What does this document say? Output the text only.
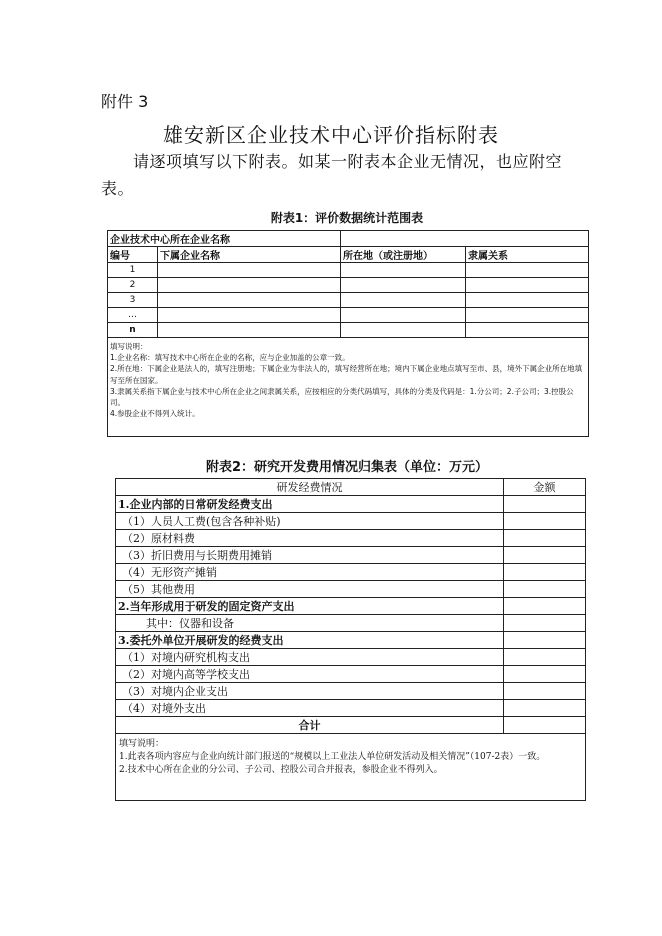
附件 3
雄安新区企业技术中心评价指标附表
请逐项填写以下附表。如某一附表本企业无情况，也应附空表。
附表1：评价数据统计范围表
企业技术中心所在企业名称			
编号	下属企业名称	所在地（或注册地）	隶属关系
1			
2			
3			
…			
n			

填写说明：
1.企业名称：填写技术中心所在企业的名称，应与企业加盖的公章一致。
2.所在地：下属企业是法人的，填写注册地；下属企业为非法人的，填写经营所在地；境内下属企业地点填写至市、县，境外下属企业所在地填写至所在国家。
3.隶属关系指下属企业与技术中心所在企业之间隶属关系，应按相应的分类代码填写，具体的分类及代码是：1.分公司；2.子公司；3.控股公司。
4.参股企业不得列入统计。			
附表2：研究开发费用情况归集表（单位：万元）
研发经费情况	金额
1.企业内部的日常研发经费支出	
（1）人员人工费(包含各种补贴)	
（2）原材料费	
（3）折旧费用与长期费用摊销	
（4）无形资产摊销	
（5）其他费用	
2.当年形成用于研发的固定资产支出	
其中：仪器和设备	
3.委托外单位开展研发的经费支出	
（1）对境内研究机构支出	
（2）对境内高等学校支出	
（3）对境内企业支出	
（4）对境外支出	
合计	

填写说明：
1.此表各项内容应与企业向统计部门报送的“规模以上工业法人单位研发活动及相关情况”（107-2表）一致。
2.技术中心所在企业的分公司、子公司、控股公司合并报表，参股企业不得列入。	
